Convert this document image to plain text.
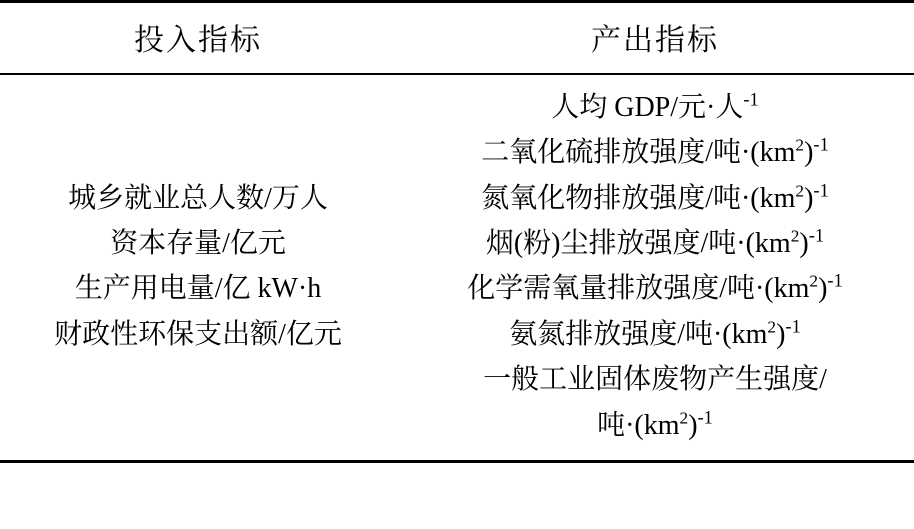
投入指标	产出指标

城乡就业总人数/万人
资本存量/亿元
生产用电量/亿 kW·h
财政性环保支出额/亿元

人均 GDP/元·人$^{-1}$
二氧化硫排放强度/吨$\cdot(km^2)^{-1}$
氮氧化物排放强度/吨$\cdot(km^2)^{-1}$
烟(粉)尘排放强度/吨$\cdot(km^2)^{-1}$
化学需氧量排放强度/吨$\cdot(km^2)^{-1}$
氨氮排放强度/吨$\cdot(km^2)^{-1}$
一般工业固体废物产生强度/
吨$\cdot(km^2)^{-1}$
